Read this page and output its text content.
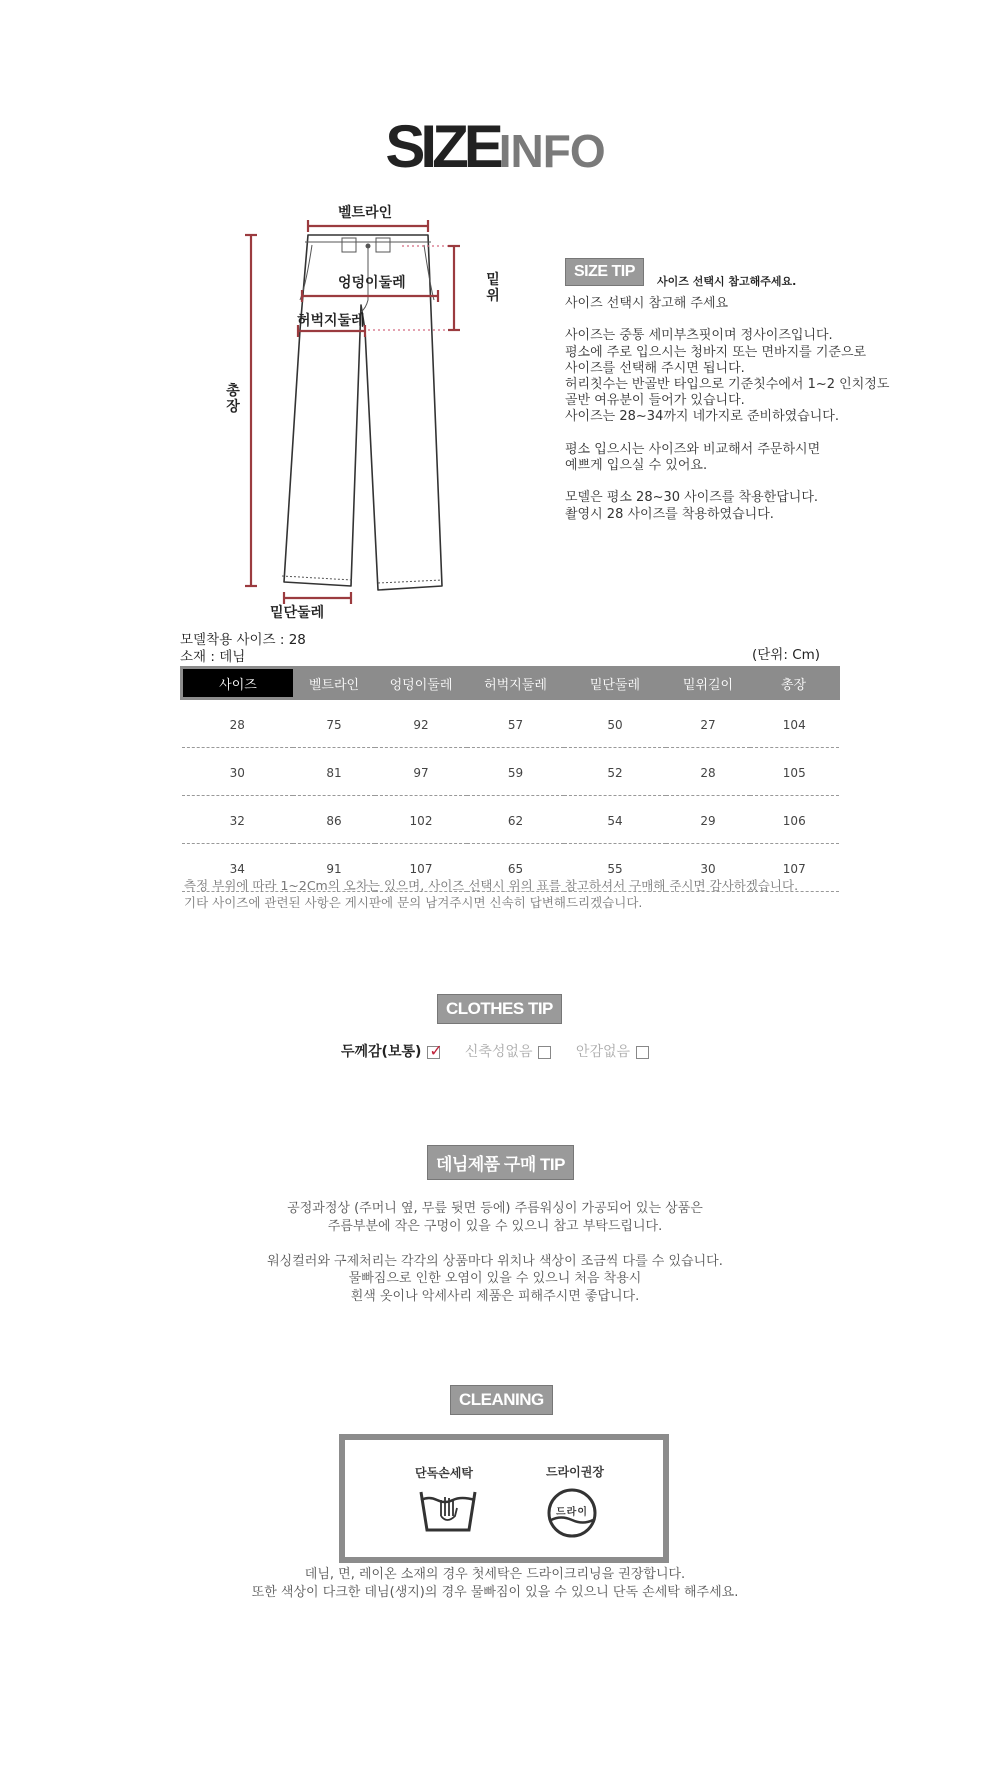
SIZEINFO
벨트라인
엉덩이둘레
허벅지둘레
밑단둘레
총
장
밑
위
SIZE TIP
사이즈 선택시 참고해주세요.
사이즈 선택시 참고해 주세요

사이즈는 중통 세미부츠핏이며 정사이즈입니다.
평소에 주로 입으시는 청바지 또는 면바지를 기준으로
사이즈를 선택해 주시면 됩니다.
허리칫수는 반골반 타입으로 기준칫수에서 1~2 인치정도
골반 여유분이 들어가 있습니다.
사이즈는 28~34까지 네가지로 준비하였습니다.

평소 입으시는 사이즈와 비교해서 주문하시면
예쁘게 입으실 수 있어요.

모델은 평소 28~30 사이즈를 착용한답니다.
촬영시 28 사이즈를 착용하였습니다.
모델착용 사이즈 : 28
소재 : 데님	(단위: Cm)
사이즈	벨트라인	엉덩이둘레	허벅지둘레	밑단둘레	밑위길이	총장
28	75	92	57	50	27	104
30	81	97	59	52	28	105
32	86	102	62	54	29	106
34	91	107	65	55	30	107
측정 부위에 따라 1~2Cm의 오차는 있으며, 사이즈 선택시 위의 표를 참고하셔서 구매해 주시면 감사하겠습니다.
기타 사이즈에 관련된 사항은 게시판에 문의 남겨주시면 신속히 답변해드리겠습니다.
CLOTHES TIP
두께감(보통) ✓ 신축성없음	안감없음
데님제품 구매 TIP
공정과정상 (주머니 옆, 무릎 뒷면 등에) 주름워싱이 가공되어 있는 상품은
주름부분에 작은 구멍이 있을 수 있으니 참고 부탁드립니다.

워싱컬러와 구제처리는 각각의 상품마다 위치나 색상이 조금씩 다를 수 있습니다.
물빠짐으로 인한 오염이 있을 수 있으니 처음 착용시
흰색 옷이나 악세사리 제품은 피해주시면 좋답니다.
CLEANING
단독손세탁	드라이권장
드라이
데님, 면, 레이온 소재의 경우 첫세탁은 드라이크리닝을 권장합니다.
또한 색상이 다크한 데님(생지)의 경우 물빠짐이 있을 수 있으니 단독 손세탁 해주세요.
